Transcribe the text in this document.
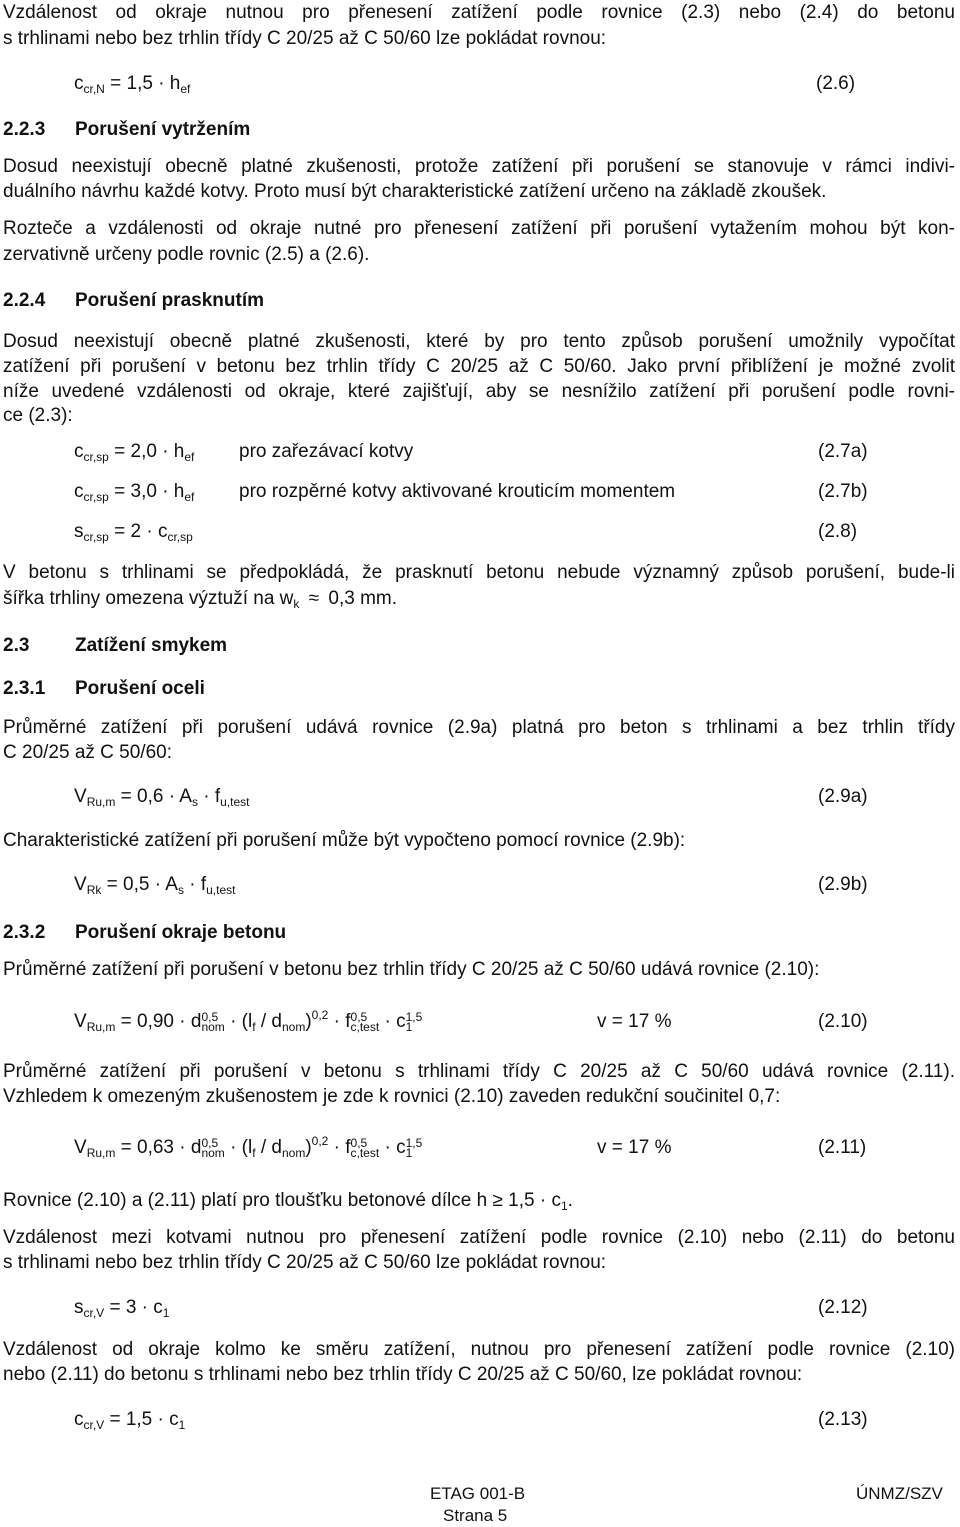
Vzdálenost od okraje nutnou pro přenesení zatížení podle rovnice (2.3) nebo (2.4) do betonu
s trhlinami nebo bez trhlin třídy C 20/25 až C 50/60 lze pokládat rovnou:
$c_{cr,N} = 1,5 \cdot h_{ef}$	(2.6)
2.2.3 Porušení vytržením
Dosud neexistují obecně platné zkušenosti, protože zatížení při porušení se stanovuje v rámci indivi-
duálního návrhu každé kotvy. Proto musí být charakteristické zatížení určeno na základě zkoušek.
Rozteče a vzdálenosti od okraje nutné pro přenesení zatížení při porušení vytažením mohou být kon-
zervativně určeny podle rovnic (2.5) a (2.6).
2.2.4 Porušení prasknutím
Dosud neexistují obecně platné zkušenosti, které by pro tento způsob porušení umožnily vypočítat
zatížení při porušení v betonu bez trhlin třídy C 20/25 až C 50/60. Jako první přiblížení je možné zvolit
níže uvedené vzdálenosti od okraje, které zajišťují, aby se nesnížilo zatížení při porušení podle rovni-
ce (2.3):
$c_{cr,sp} = 2,0 \cdot h_{ef}$ pro zařezávací kotvy	(2.7a)
$c_{cr,sp} = 3,0 \cdot h_{ef}$ pro rozpěrné kotvy aktivované krouticím momentem	(2.7b)
$s_{cr,sp} = 2 \cdot c_{cr,sp}$	(2.8)
V betonu s trhlinami se předpokládá, že prasknutí betonu nebude významný způsob porušení, bude-li
šířka trhliny omezena výztuží na $w_k \approx 0,3$ mm.
2.3 Zatížení smykem
2.3.1 Porušení oceli
Průměrné zatížení při porušení udává rovnice (2.9a) platná pro beton s trhlinami a bez trhlin třídy
C 20/25 až C 50/60:
$V_{Ru,m} = 0,6 \cdot A_s \cdot f_{u,test}$	(2.9a)
Charakteristické zatížení při porušení může být vypočteno pomocí rovnice (2.9b):
$V_{Rk} = 0,5 \cdot A_s \cdot f_{u,test}$	(2.9b)
2.3.2 Porušení okraje betonu
Průměrné zatížení při porušení v betonu bez trhlin třídy C 20/25 až C 50/60 udává rovnice (2.10):
$V_{Ru,m} = 0,90 \cdot d$ 0,5
nom · $(l_f / d_{nom})^{0,2} \cdot f$ 0,5
c,test · c 1,5
1	v = 17 %	(2.10)
Průměrné zatížení při porušení v betonu s trhlinami třídy C 20/25 až C 50/60 udává rovnice (2.11).
Vzhledem k omezeným zkušenostem je zde k rovnici (2.10) zaveden redukční součinitel 0,7:
$V_{Ru,m} = 0,63 \cdot d$ 0,5
nom · $(l_f / d_{nom})^{0,2} \cdot f$ 0,5
c,test · c 1,5
1	v = 17 %	(2.11)
Rovnice (2.10) a (2.11) platí pro tloušťku betonové dílce $h \ge 1,5 \cdot c_1$.
Vzdálenost mezi kotvami nutnou pro přenesení zatížení podle rovnice (2.10) nebo (2.11) do betonu
s trhlinami nebo bez trhlin třídy C 20/25 až C 50/60 lze pokládat rovnou:
$s_{cr,V} = 3 \cdot c_1$	(2.12)
Vzdálenost od okraje kolmo ke směru zatížení, nutnou pro přenesení zatížení podle rovnice (2.10)
nebo (2.11) do betonu s trhlinami nebo bez trhlin třídy C 20/25 až C 50/60, lze pokládat rovnou:
$c_{cr,V} = 1,5 \cdot c_1$	(2.13)
ETAG 001-B
Strana 5
ÚNMZ/SZV
